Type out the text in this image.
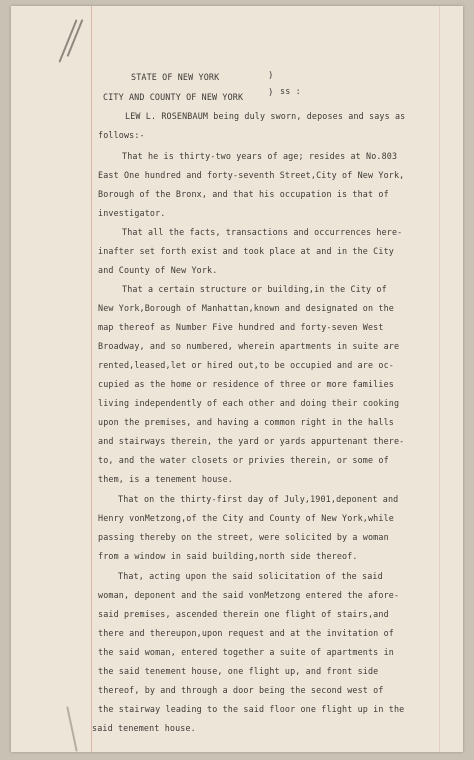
STATE OF NEW YORK	)
CITY AND COUNTY OF NEW YORK	) ss :
LEW L. ROSENBAUM being duly sworn, deposes and says as
follows:-
That he is thirty-two years of age; resides at No.803
East One hundred and forty-seventh Street,City of New York,
Borough of the Bronx, and that his occupation is that of
investigator.
That all the facts, transactions and occurrences here-
inafter set forth exist and took place at and in the City
and County of New York.
That a certain structure or building,in the City of
New York,Borough of Manhattan,known and designated on the
map thereof as Number Five hundred and forty-seven West
Broadway, and so numbered, wherein apartments in suite are
rented,leased,let or hired out,to be occupied and are oc-
cupied as the home or residence of three or more families
living independently of each other and doing their cooking
upon the premises, and having a common right in the halls
and stairways therein, the yard or yards appurtenant there-
to, and the water closets or privies therein, or some of
them, is a tenement house.
That on the thirty-first day of July,1901,deponent and
Henry vonMetzong,of the City and County of New York,while
passing thereby on the street, were solicited by a woman
from a window in said building,north side thereof.
That, acting upon the said solicitation of the said
woman, deponent and the said vonMetzong entered the afore-
said premises, ascended therein one flight of stairs,and
there and thereupon,upon request and at the invitation of
the said woman, entered together a suite of apartments in
the said tenement house, one flight up, and front side
thereof, by and through a door being the second west of
the stairway leading to the said floor one flight up in the
said tenement house.
